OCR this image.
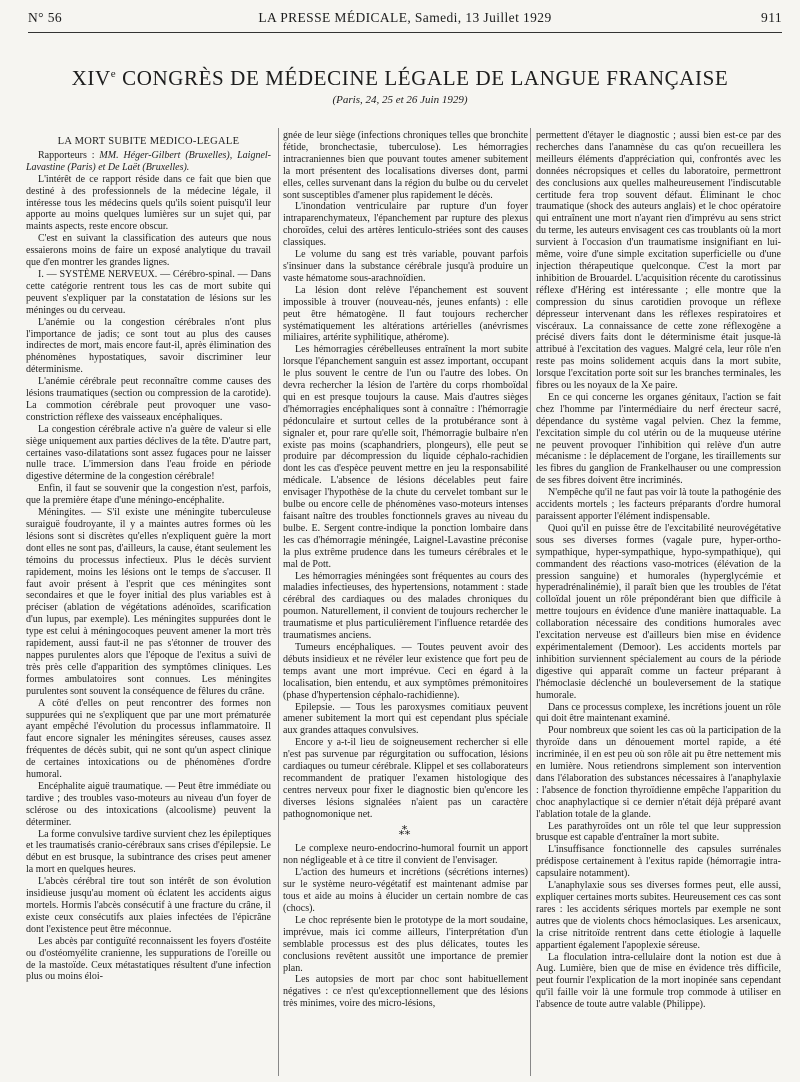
N° 56	LA PRESSE MÉDICALE, Samedi, 13 Juillet 1929	911
XIVe CONGRÈS DE MÉDECINE LÉGALE DE LANGUE FRANÇAISE
(Paris, 24, 25 et 26 Juin 1929)
LA MORT SUBITE MÉDICO-LÉGALE

Rapporteurs : MM. Héger-Gilbert (Bruxelles), Laignel-Lavastine (Paris) et De Laët (Bruxelles).

L'intérêt de ce rapport réside dans ce fait que bien que destiné à des professionnels de la médecine légale, il intéresse tous les médecins quels qu'ils soient puisqu'il leur apporte au moins quelques lumières sur un sujet qui, par maints aspects, reste encore obscur.

C'est en suivant la classification des auteurs que nous essaierons moins de faire un exposé analytique du travail que d'en montrer les grandes lignes.

I. — SYSTÈME NERVEUX. — Cérébro-spinal. — Dans cette catégorie rentrent tous les cas de mort subite qui peuvent s'expliquer par la constatation de lésions sur les méninges ou du cerveau.

L'anémie ou la congestion cérébrales n'ont plus l'importance de jadis; ce sont tout au plus des causes indirectes de mort, mais encore faut-il, après élimination des phénomènes hypostatiques, savoir discriminer leur déterminisme.

L'anémie cérébrale peut reconnaître comme causes des lésions traumatiques (section ou compression de la carotide). La commotion cérébrale peut provoquer une vaso-constriction réflexe des vaisseaux encéphaliques.

La congestion cérébrale active n'a guère de valeur si elle siège uniquement aux parties déclives de la tête. D'autre part, certaines vaso-dilatations sont assez fugaces pour ne laisser nulle trace. L'immersion dans l'eau froide en période digestive détermine de la congestion cérébrale!

Enfin, il faut se souvenir que la congestion n'est, parfois, que la première étape d'une méningo-encéphalite.

Méningites. — S'il existe une méningite tuberculeuse suraiguë foudroyante, il y a maintes autres formes où les lésions sont si discrètes qu'elles n'expliquent guère la mort dont elles ne sont pas, d'ailleurs, la cause, étant seulement les témoins du processus infectieux. Plus le décès survient rapidement, moins les lésions ont le temps de s'accuser. Il faut avoir présent à l'esprit que ces méningites sont secondaires et que le foyer initial des plus variables est à préciser (ablation de végétations adénoïdes, scarification d'un lupus, par exemple). Les méningites suppurées dont le type est celui à méningocoques peuvent amener la mort très rapidement, aussi faut-il ne pas s'étonner de trouver des nappes purulentes alors que l'époque de l'exitus a suivi de très près celle d'apparition des symptômes cliniques. Les formes ambulatoires sont connues. Les méningites purulentes sont souvent la conséquence de fêlures du crâne.

A côté d'elles on peut rencontrer des formes non suppurées qui ne s'expliquent que par une mort prématurée ayant empêché l'évolution du processus inflammatoire. Il faut encore signaler les méningites séreuses, causes assez fréquentes de décès subit, qui ne sont qu'un aspect clinique de certaines intoxications ou de phénomènes d'ordre humoral.

Encéphalite aiguë traumatique. — Peut être immédiate ou tardive ; des troubles vaso-moteurs au niveau d'un foyer de sclérose ou des intoxications (alcoolisme) peuvent la déterminer.

La forme convulsive tardive survient chez les épileptiques et les traumatisés cranio-cérébraux sans crises d'épilepsie. Le début en est brusque, la subintrance des crises peut amener la mort en quelques heures.

L'abcès cérébral tire tout son intérêt de son évolution insidieuse jusqu'au moment où éclatent les accidents aigus mortels. Hormis l'abcès consécutif à une fracture du crâne, il existe ceux consécutifs aux plaies infectées de l'épicrâne dont l'existence peut être méconnue.

Les abcès par contiguïté reconnaissent les foyers d'ostéite ou d'ostéomyélite cranienne, les suppurations de l'oreille ou de la mastoïde. Ceux métastatiques résultent d'une infection plus ou moins éloi-

gnée de leur siège (infections chroniques telles que bronchite fétide, bronchectasie, tuberculose). Les hémorragies intracraniennes bien que pouvant toutes amener subitement la mort présentent des localisations diverses dont, parmi elles, celles survenant dans la région du bulbe ou du cervelet sont susceptibles d'amener plus rapidement le décès.

L'inondation ventriculaire par rupture d'un foyer intraparenchymateux, l'épanchement par rupture des plexus choroïdes, celui des artères lenticulo-striées sont des causes classiques.

Le volume du sang est très variable, pouvant parfois s'insinuer dans la substance cérébrale jusqu'à produire un vaste hématome sous-arachnoïdien.

La lésion dont relève l'épanchement est souvent impossible à trouver (nouveau-nés, jeunes enfants) : elle peut être hématogène. Il faut toujours rechercher systématiquement les altérations artérielles (anévrismes miliaires, artérite syphilitique, athérome).

Les hémorragies cérébelleuses entraînent la mort subite lorsque l'épanchement sanguin est assez important, occupant le plus souvent le centre de l'un ou l'autre des lobes. On devra rechercher la lésion de l'artère du corps rhomboïdal qui en est presque toujours la cause. Mais d'autres sièges d'hémorragies encéphaliques sont à connaître : l'hémorragie pédonculaire et surtout celles de la protubérance sont à signaler et, pour rare qu'elle soit, l'hémorragie bulbaire n'en existe pas moins (scaphandriers, plongeurs), elle peut se produire par décompression du liquide céphalo-rachidien dont les cas d'espèce peuvent mettre en jeu la responsabilité médicale. L'absence de lésions décelables peut faire envisager l'hypothèse de la chute du cervelet tombant sur le bulbe ou encore celle de phénomènes vaso-moteurs intenses faisant naître des troubles fonctionnels graves au niveau du bulbe. E. Sergent contre-indique la ponction lombaire dans les cas d'hémorragie méningée, Laignel-Lavastine préconise la plus extrême prudence dans les tumeurs cérébrales et le mal de Pott.

Les hémorragies méningées sont fréquentes au cours des maladies infectieuses, des hypertensions, notamment : stade cérébral des cardiaques ou des malades chroniques du poumon. Naturellement, il convient de toujours rechercher le traumatisme et plus particulièrement l'influence retardée des traumatismes anciens.

Tumeurs encéphaliques. — Toutes peuvent avoir des débuts insidieux et ne révéler leur existence que fort peu de temps avant une mort imprévue. Ceci en égard à la localisation, bien entendu, et aux symptômes prémonitoires (phase d'hypertension céphalo-rachidienne).

Epilepsie. — Tous les paroxysmes comitiaux peuvent amener subitement la mort qui est cependant plus spéciale aux grandes attaques convulsives.

Encore y a-t-il lieu de soigneusement rechercher si elle n'est pas survenue par régurgitation ou suffocation, lésions cardiaques ou tumeur cérébrale. Klippel et ses collaborateurs recommandent de pratiquer l'examen histologique des centres nerveux pour fixer le diagnostic bien qu'encore les diverses lésions signalées n'aient pas un caractère pathognomonique net.

⁂

Le complexe neuro-endocrino-humoral fournit un apport non négligeable et à ce titre il convient de l'envisager.

L'action des humeurs et incrétions (sécrétions internes) sur le système neuro-végétatif est maintenant admise par tous et aide au moins à élucider un certain nombre de cas (chocs).

Le choc représente bien le prototype de la mort soudaine, imprévue, mais ici comme ailleurs, l'interprétation d'un semblable processus est des plus délicates, toutes les conclusions revêtent aussitôt une importance de premier plan.

Les autopsies de mort par choc sont habituellement négatives : ce n'est qu'exceptionnellement que des lésions très minimes, voire des micro-lésions,

permettent d'étayer le diagnostic ; aussi bien est-ce par des recherches dans l'anamnèse du cas qu'on recueillera les meilleurs éléments d'appréciation qui, confrontés avec les données nécropsiques et celles du laboratoire, permettront des conclusions aux quelles malheureusement l'indiscutable certitude fera trop souvent défaut. Éliminant le choc traumatique (shock des auteurs anglais) et le choc opératoire qui entraînent une mort n'ayant rien d'imprévu au sens strict du terme, les auteurs envisagent ces cas troublants où la mort survient à l'occasion d'un traumatisme insignifiant en lui-même, voire d'une simple excitation superficielle ou d'une injection thérapeutique quelconque. C'est la mort par inhibition de Brouardel. L'acquisition récente du carotissinus réflexe d'Héring est intéressante ; elle montre que la compression du sinus carotidien provoque un réflexe dépresseur intervenant dans les réflexes respiratoires et viscéraux. La connaissance de cette zone réflexogène a précisé divers faits dont le déterminisme était jusque-là attribué à l'excitation des vagues. Malgré cela, leur rôle n'en reste pas moins solidement acquis dans la mort subite, lorsque l'excitation porte soit sur les branches terminales, les fibres ou les noyaux de la Xe paire.

En ce qui concerne les organes génitaux, l'action se fait chez l'homme par l'intermédiaire du nerf érecteur sacré, dépendance du système vagal pelvien. Chez la femme, l'excitation simple du col utérin ou de la muqueuse utérine ne peuvent provoquer l'inhibition qui relève d'un autre mécanisme : le déplacement de l'organe, les tiraillements sur les fibres du ganglion de Frankelhauser ou une compression de ses fibres doivent être incriminés.

N'empêche qu'il ne faut pas voir là toute la pathogénie des accidents mortels ; les facteurs préparants d'ordre humoral paraissent apporter l'élément indispensable.

Quoi qu'il en puisse être de l'excitabilité neurovégétative sous ses diverses formes (vagale pure, hyper-ortho-sympathique, hyper-sympathique, hypo-sympathique), qui commandent des réactions vaso-motrices (élévation de la pression sanguine) et humorales (hyperglycémie et hyperadrénalinémie), il paraît bien que les troubles de l'état colloïdal jouent un rôle prépondérant bien que difficile à mettre toujours en évidence d'une manière inattaquable. La collaboration nécessaire des conditions humorales avec l'excitation nerveuse est d'ailleurs bien mise en évidence expérimentalement (Demoor). Les accidents mortels par inhibition surviennent spécialement au cours de la période digestive qui apparaît comme un facteur préparant à l'hémoclasie déclenché un bouleversement de la statique humorale.

Dans ce processus complexe, les incrétions jouent un rôle qui doit être maintenant examiné.

Pour nombreux que soient les cas où la participation de la thyroïde dans un dénouement mortel rapide, a été incriminée, il en est peu où son rôle ait pu être nettement mis en lumière. Nous retiendrons simplement son intervention dans l'élaboration des substances nécessaires à l'anaphylaxie : l'absence de fonction thyroïdienne empêche l'apparition du choc anaphylactique si ce dernier n'était déjà préparé avant l'ablation totale de la glande.

Les parathyroïdes ont un rôle tel que leur suppression brusque est capable d'entraîner la mort subite.

L'insuffisance fonctionnelle des capsules surrénales prédispose certainement à l'exitus rapide (hémorragie intra-capsulaire notamment).

L'anaphylaxie sous ses diverses formes peut, elle aussi, expliquer certaines morts subites. Heureusement ces cas sont rares : les accidents sériques mortels par exemple ne sont autres que de violents chocs hémoclasiques. Les arsenicaux, la crise nitritoïde rentrent dans cette étiologie à laquelle appartient également l'apoplexie séreuse.

La floculation intra-cellulaire dont la notion est due à Aug. Lumière, bien que de mise en évidence très difficile, peut fournir l'explication de la mort inopinée sans cependant qu'il faille voir là une formule trop commode à utiliser en l'absence de toute autre valable (Philippe).
